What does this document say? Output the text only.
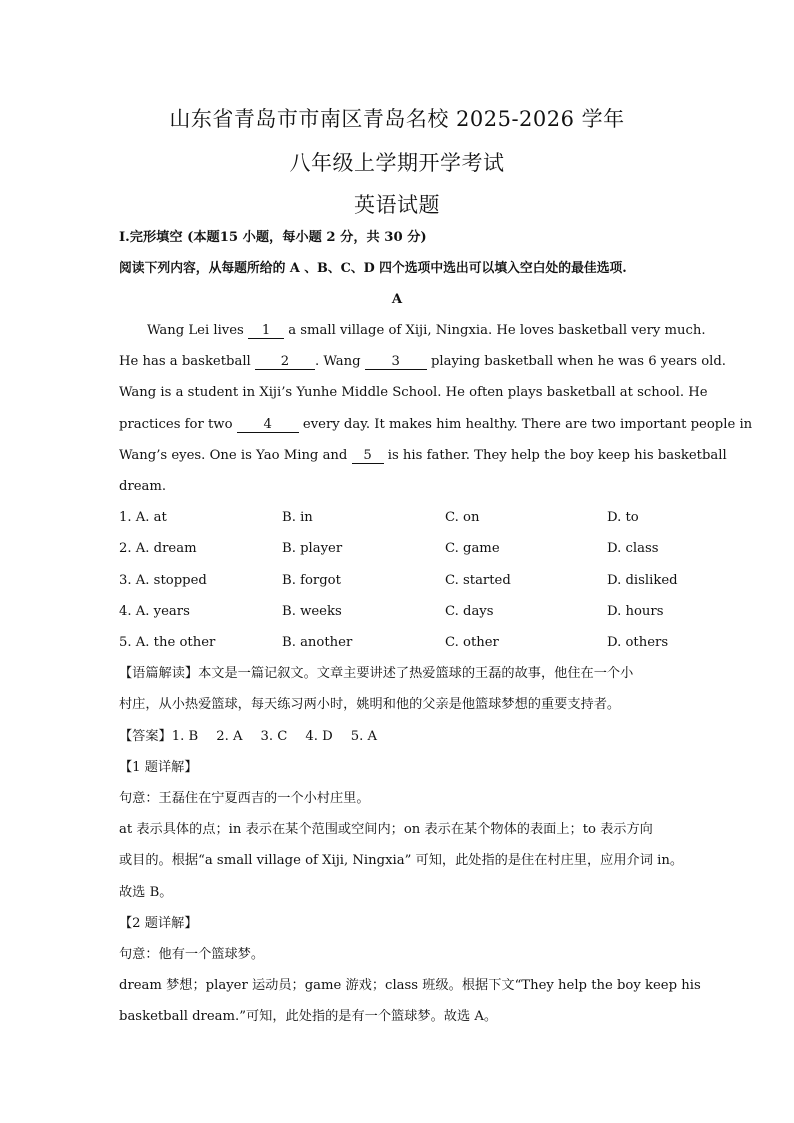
山东省青岛市市南区青岛名校 2025-2026 学年
八年级上学期开学考试
英语试题
I.完形填空 (本题15 小题，每小题 2 分，共 30 分)
阅读下列内容，从每题所给的 A 、B、C、D 四个选项中选出可以填入空白处的最佳选项.
A
Wang Lei lives 1 a small village of Xiji, Ningxia. He loves basketball very much.
He has a basketball 2 . Wang 3 playing basketball when he was 6 years old.
Wang is a student in Xiji’s Yunhe Middle School. He often plays basketball at school. He
practices for two 4 every day. It makes him healthy. There are two important people in
Wang’s eyes. One is Yao Ming and 5 is his father. They help the boy keep his basketball
dream.
1. A. at	B. in	C. on	D. to
2. A. dream	B. player	C. game	D. class
3. A. stopped	B. forgot	C. started	D. disliked
4. A. years	B. weeks	C. days	D. hours
5. A. the other	B. another	C. other	D. others
【语篇解读】本文是一篇记叙文。文章主要讲述了热爱篮球的王磊的故事，他住在一个小
村庄，从小热爱篮球，每天练习两小时，姚明和他的父亲是他篮球梦想的重要支持者。
【答案】1. B 2. A 3. C 4. D 5. A
【1 题详解】
句意：王磊住在宁夏西吉的一个小村庄里。
at 表示具体的点；in 表示在某个范围或空间内；on 表示在某个物体的表面上；to 表示方向
或目的。根据“a small village of Xiji, Ningxia” 可知，此处指的是住在村庄里，应用介词 in。
故选 B。
【2 题详解】
句意：他有一个篮球梦。
dream 梦想；player 运动员；game 游戏；class 班级。根据下文“They help the boy keep his
basketball dream.”可知，此处指的是有一个篮球梦。故选 A。
